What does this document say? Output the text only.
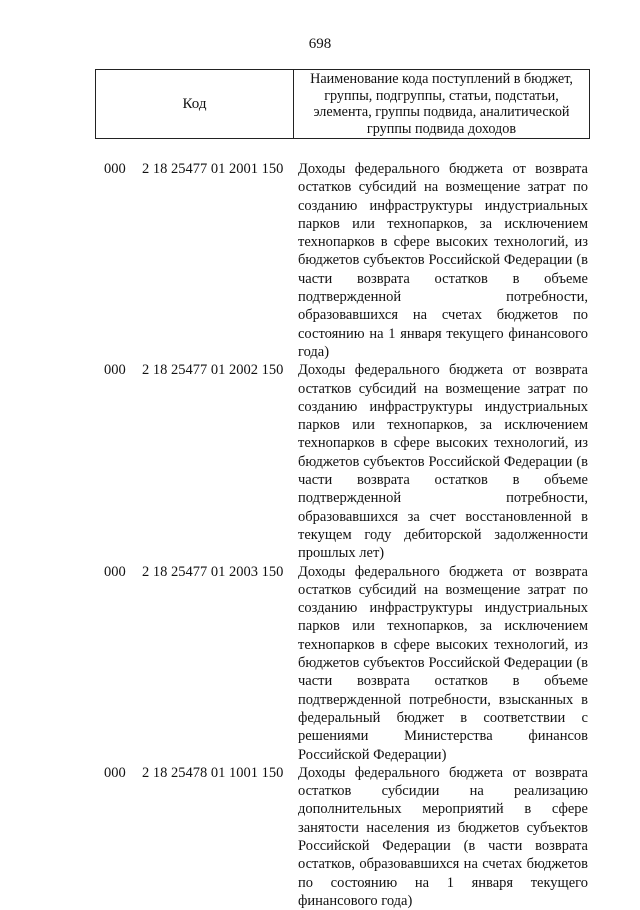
698
Код
Наименование кода поступлений в бюджет, группы, подгруппы, статьи, подстатьи, элемента, группы подвида, аналитической группы подвида доходов
000 2 18 25477 01 2001 150 Доходы федерального бюджета от возврата остатков субсидий на возмещение затрат по созданию инфраструктуры индустриальных парков или технопарков, за исключением технопарков в сфере высоких технологий, из бюджетов субъектов Российской Федерации (в части возврата остатков в объеме подтвержденной потребности, образовавшихся на счетах бюджетов по состоянию на 1 января текущего финансового года)
000 2 18 25477 01 2002 150 Доходы федерального бюджета от возврата остатков субсидий на возмещение затрат по созданию инфраструктуры индустриальных парков или технопарков, за исключением технопарков в сфере высоких технологий, из бюджетов субъектов Российской Федерации (в части возврата остатков в объеме подтвержденной потребности, образовавшихся за счет восстановленной в текущем году дебиторской задолженности прошлых лет)
000 2 18 25477 01 2003 150 Доходы федерального бюджета от возврата остатков субсидий на возмещение затрат по созданию инфраструктуры индустриальных парков или технопарков, за исключением технопарков в сфере высоких технологий, из бюджетов субъектов Российской Федерации (в части возврата остатков в объеме подтвержденной потребности, взысканных в федеральный бюджет в соответствии с решениями Министерства финансов Российской Федерации)
000 2 18 25478 01 1001 150 Доходы федерального бюджета от возврата остатков субсидии на реализацию дополнительных мероприятий в сфере занятости населения из бюджетов субъектов Российской Федерации (в части возврата остатков, образовавшихся на счетах бюджетов по состоянию на 1 января текущего финансового года)
